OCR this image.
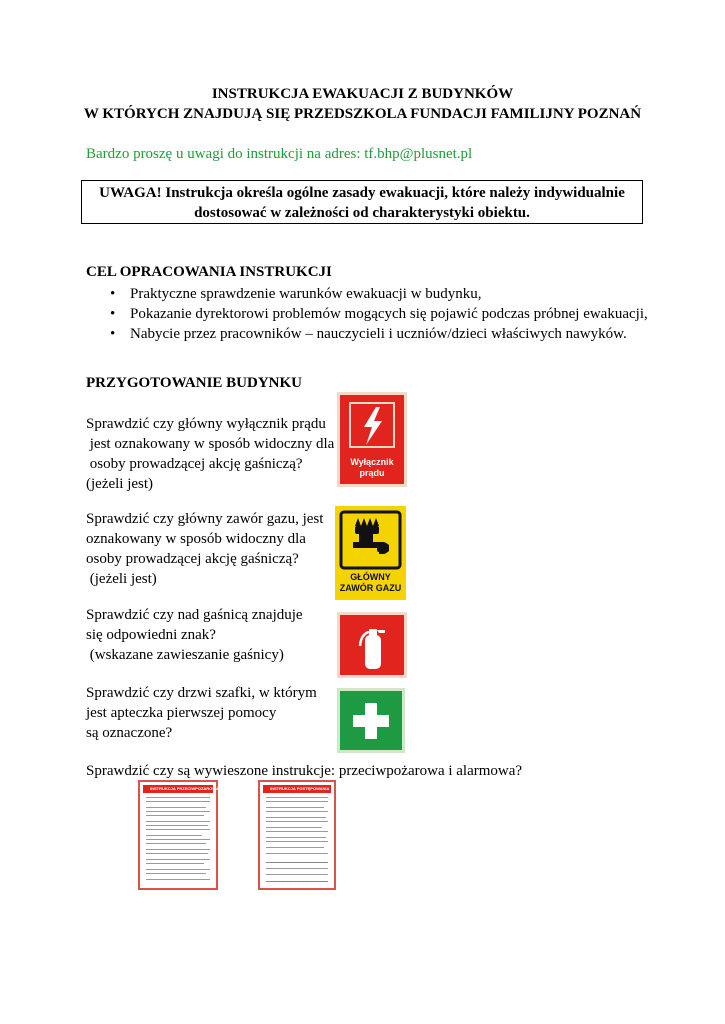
INSTRUKCJA EWAKUACJI Z BUDYNKÓW
W KTÓRYCH ZNAJDUJĄ SIĘ PRZEDSZKOLA FUNDACJI FAMILIJNY POZNAŃ
Bardzo proszę u uwagi do instrukcji na adres: tf.bhp@plusnet.pl
UWAGA! Instrukcja określa ogólne zasady ewakuacji, które należy indywidualnie
dostosować w zależności od charakterystyki obiektu.
CEL OPRACOWANIA INSTRUKCJI
• Praktyczne sprawdzenie warunków ewakuacji w budynku,
• Pokazanie dyrektorowi problemów mogących się pojawić podczas próbnej ewakuacji,
• Nabycie przez pracowników – nauczycieli i uczniów/dzieci właściwych nawyków.
PRZYGOTOWANIE BUDYNKU
Sprawdzić czy główny wyłącznik prądu
jest oznakowany w sposób widoczny dla
osoby prowadzącej akcję gaśniczą?
(jeżeli jest)
Sprawdzić czy główny zawór gazu, jest
oznakowany w sposób widoczny dla
osoby prowadzącej akcję gaśniczą?
(jeżeli jest)
Sprawdzić czy nad gaśnicą znajduje
się odpowiedni znak?
(wskazane zawieszanie gaśnicy)
Sprawdzić czy drzwi szafki, w którym
jest apteczka pierwszej pomocy
są oznaczone?
Sprawdzić czy są wywieszone instrukcje: przeciwpożarowa i alarmowa?
Wyłącznik
prądu
GŁÓWNY
ZAWÓR GAZU
INSTRUKCJA PRZECIWPOŻAROWA	INSTRUKCJA POSTĘPOWANIA
